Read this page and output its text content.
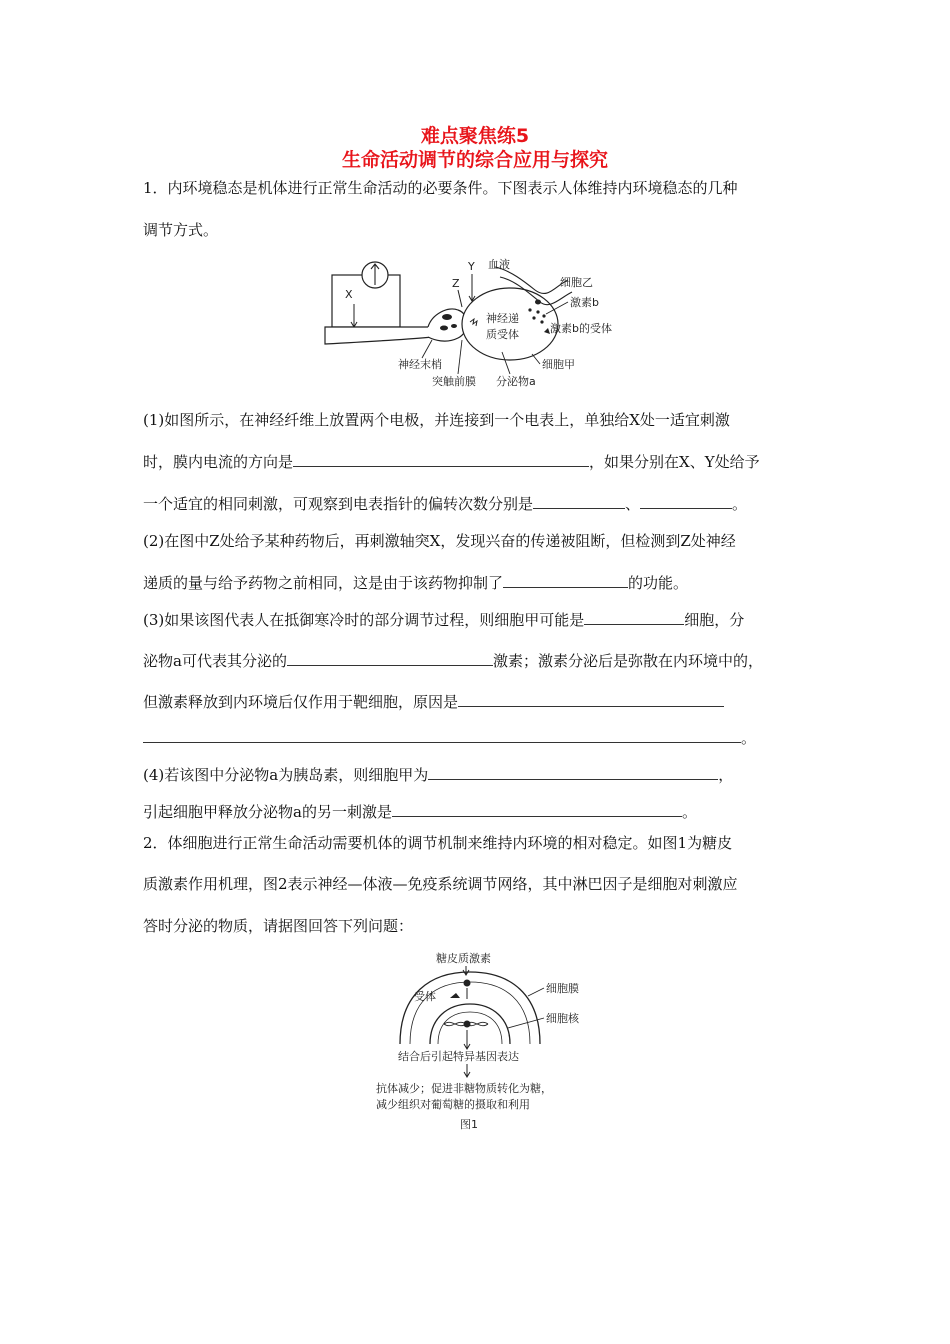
难点聚焦练5
生命活动调节的综合应用与探究
1．内环境稳态是机体进行正常生命活动的必要条件。下图表示人体维持内环境稳态的几种
调节方式。
X
神经递
质受体
血液
Y
Z	细胞乙
激素b
激素b的受体
细胞甲
神经末梢
突触前膜 分泌物a
(1)如图所示，在神经纤维上放置两个电极，并连接到一个电表上，单独给X处一适宜刺激
时，膜内电流的方向是	，如果分别在X、Y处给予
一个适宜的相同刺激，可观察到电表指针的偏转次数分别是	、	。
(2)在图中Z处给予某种药物后，再刺激轴突X，发现兴奋的传递被阻断，但检测到Z处神经
递质的量与给予药物之前相同，这是由于该药物抑制了	的功能。
(3)如果该图代表人在抵御寒冷时的部分调节过程，则细胞甲可能是	细胞，分
泌物a可代表其分泌的	激素；激素分泌后是弥散在内环境中的，
但激素释放到内环境后仅作用于靶细胞，原因是
。
(4)若该图中分泌物a为胰岛素，则细胞甲为	，
引起细胞甲释放分泌物a的另一刺激是	。
2．体细胞进行正常生命活动需要机体的调节机制来维持内环境的相对稳定。如图1为糖皮
质激素作用机理，图2表示神经—体液—免疫系统调节网络，其中淋巴因子是细胞对刺激应
答时分泌的物质，请据图回答下列问题：
糖皮质激素
受体
细胞膜
细胞核
结合后引起特异基因表达
抗体减少；促进非糖物质转化为糖，
减少组织对葡萄糖的摄取和利用
图1
